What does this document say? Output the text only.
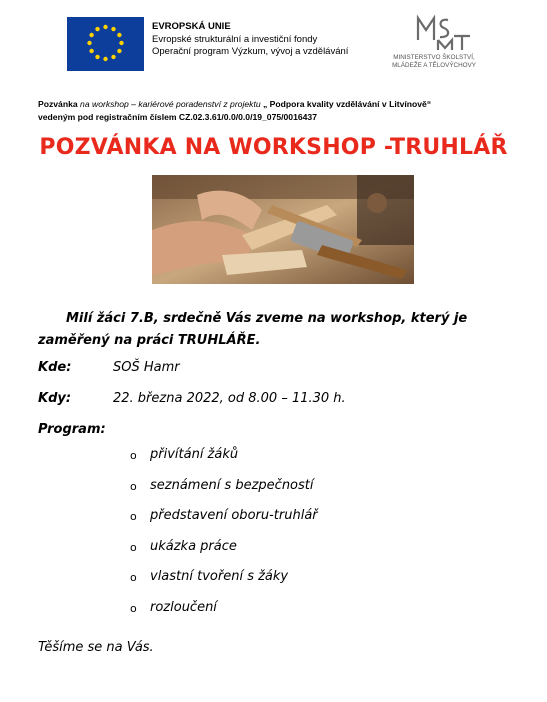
EVROPSKÁ UNIE
Evropské strukturální a investiční fondy
Operační program Výzkum, vývoj a vzdělávání
MINISTERSTVO ŠKOLSTVÍ,
MLÁDEŽE A TĚLOVÝCHOVY
Pozvánka na workshop – kariérové poradenství z projektu „ Podpora kvality vzdělávání v Litvínově“
vedeným pod registračním číslem CZ.02.3.61/0.0/0.0/19_075/0016437
POZVÁNKA NA WORKSHOP -TRUHLÁŘ
Milí žáci 7.B, srdečně Vás zveme na workshop, který je
zaměřený na práci TRUHLÁŘE.
Kde:	SOŠ Hamr
Kdy:	22. března 2022, od 8.00 – 11.30 h.
Program:
o	přivítání žáků
o	seznámení s bezpečností
o	představení oboru-truhlář
o	ukázka práce
o	vlastní tvoření s žáky
o	rozloučení
Těšíme se na Vás.
